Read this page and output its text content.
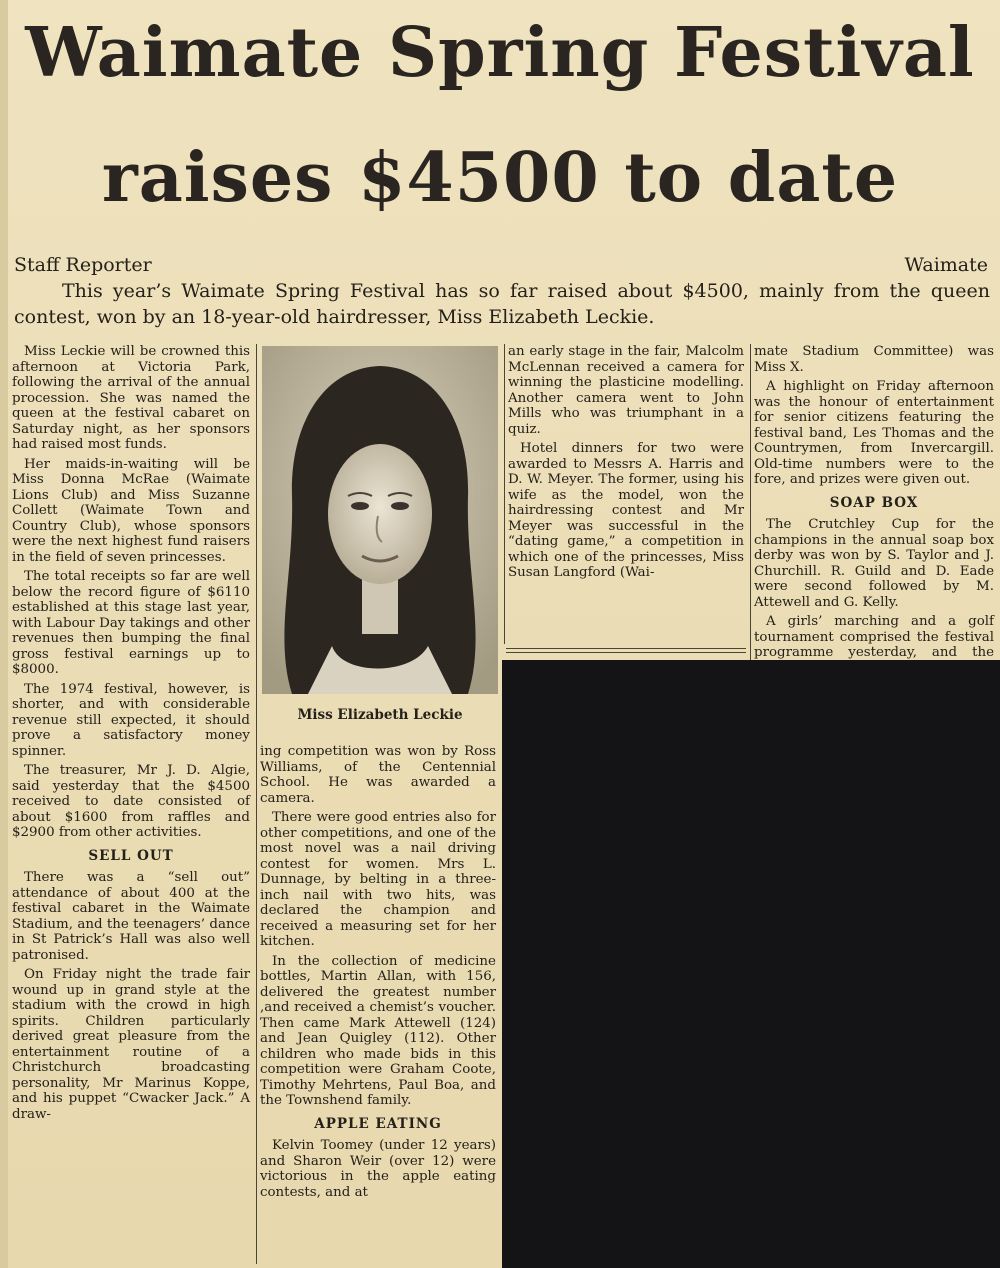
Waimate Spring Festival
raises $4500 to date
Staff Reporter	Waimate
This year’s Waimate Spring Festival has so far raised about $4500, mainly from the queen contest, won by an 18-year-old hairdresser, Miss Elizabeth Leckie.

Miss Leckie will be crowned this afternoon at Victoria Park, following the arrival of the annual procession. She was named the queen at the festival cabaret on Saturday night, as her sponsors had raised most funds.

Her maids-in-waiting will be Miss Donna McRae (Waimate Lions Club) and Miss Suzanne Collett (Waimate Town and Country Club), whose sponsors were the next highest fund raisers in the field of seven princesses.

The total receipts so far are well below the record figure of $6110 established at this stage last year, with Labour Day takings and other revenues then bumping the final gross festival earnings up to $8000.

The 1974 festival, however, is shorter, and with considerable revenue still expected, it should prove a satisfactory money spinner.

The treasurer, Mr J. D. Algie, said yesterday that the $4500 received to date consisted of about $1600 from raffles and $2900 from other activities.

SELL OUT

There was a “sell out” attendance of about 400 at the festival cabaret in the Waimate Stadium, and the teenagers’ dance in St Patrick’s Hall was also well patronised.

On Friday night the trade fair wound up in grand style at the stadium with the crowd in high spirits. Children particularly derived great pleasure from the entertainment routine of a Christchurch broadcasting personality, Mr Marinus Koppe, and his puppet “Cwacker Jack.” A draw-

Miss Elizabeth Leckie

ing competition was won by Ross Williams, of the Centennial School. He was awarded a camera.

There were good entries also for other competitions, and one of the most novel was a nail driving contest for women. Mrs L. Dunnage, by belting in a three-inch nail with two hits, was declared the champion and received a measuring set for her kitchen.

In the collection of medicine bottles, Martin Allan, with 156, delivered the greatest number ,and received a chemist’s voucher. Then came Mark Attewell (124) and Jean Quigley (112). Other children who made bids in this competition were Graham Coote, Timothy Mehrtens, Paul Boa, and the Townshend family.

APPLE EATING

Kelvin Toomey (under 12 years) and Sharon Weir (over 12) were victorious in the apple eating contests, and at

an early stage in the fair, Malcolm McLennan received a camera for winning the plasticine modelling. Another camera went to John Mills who was triumphant in a quiz.

Hotel dinners for two were awarded to Messrs A. Harris and D. W. Meyer. The former, using his wife as the model, won the hairdressing contest and Mr Meyer was successful in the “dating game,” a competition in which one of the princesses, Miss Susan Langford (Wai-

mate Stadium Committee) was Miss X.

A highlight on Friday afternoon was the honour of entertainment for senior citizens featuring the festival band, Les Thomas and the Countrymen, from Invercargill. Old-time numbers were to the fore, and prizes were given out.

SOAP BOX

The Crutchley Cup for the champions in the annual soap box derby was won by S. Taylor and J. Churchill. R. Guild and D. Eade were second followed by M. Attewell and G. Kelly.

A girls’ marching and a golf tournament comprised the festival programme yesterday, and the
